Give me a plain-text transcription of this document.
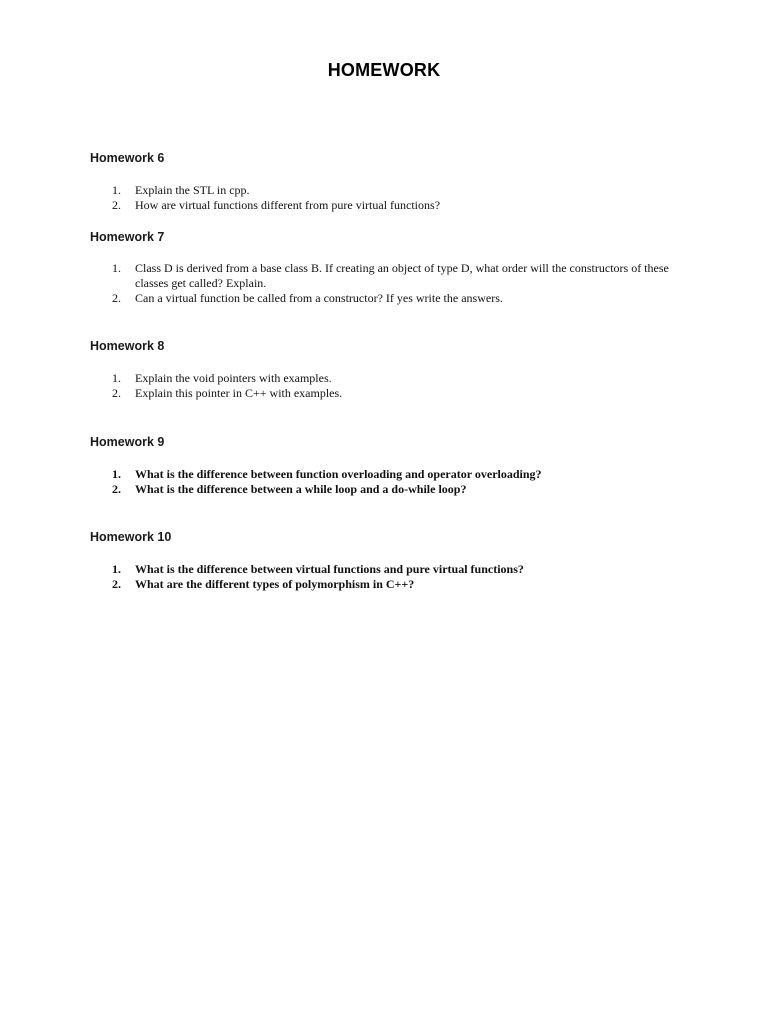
HOMEWORK
Homework 6
1. Explain the STL in cpp.
2. How are virtual functions different from pure virtual functions?
Homework 7
1. Class D is derived from a base class B. If creating an object of type D, what order will the constructors of these classes get called? Explain.
2. Can a virtual function be called from a constructor? If yes write the answers.
Homework 8
1. Explain the void pointers with examples.
2. Explain this pointer in C++ with examples.
Homework 9
1. What is the difference between function overloading and operator overloading?
2. What is the difference between a while loop and a do-while loop?
Homework 10
1. What is the difference between virtual functions and pure virtual functions?
2. What are the different types of polymorphism in C++?
